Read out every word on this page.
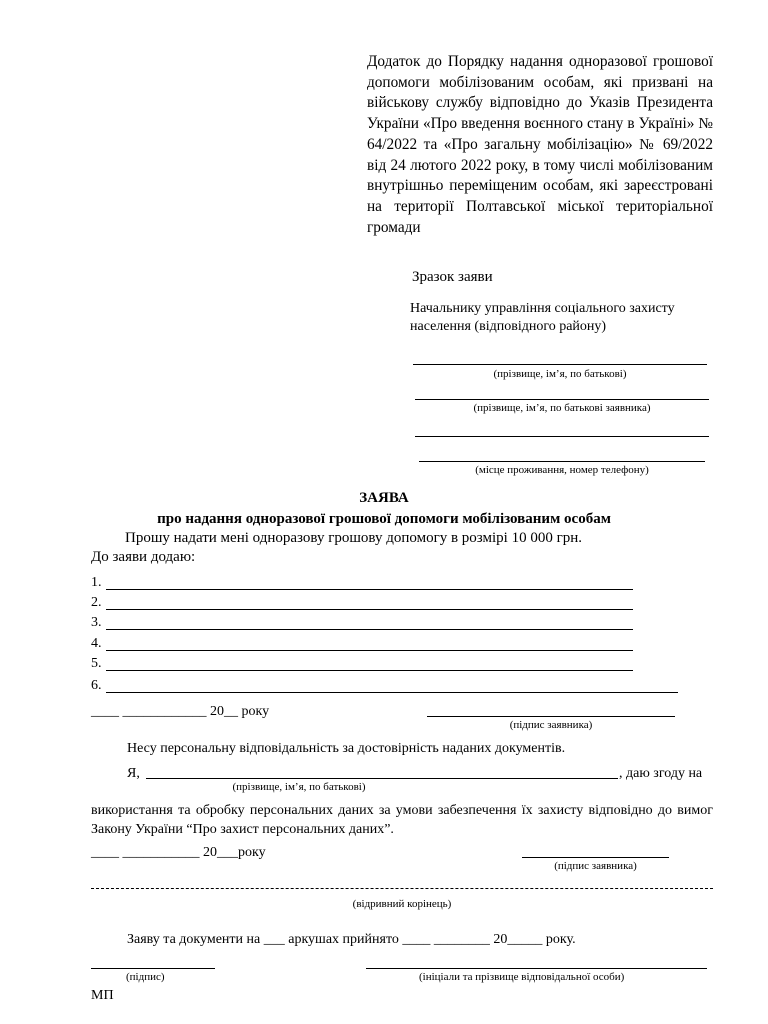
Додаток до Порядку надання одноразової грошової допомоги мобілізованим особам, які призвані на військову службу відповідно до Указів Президента України «Про введення воєнного стану в Україні» № 64/2022 та «Про загальну мобілізацію» № 69/2022 від 24 лютого 2022 року, в тому числі мобілізованим внутрішньо переміщеним особам, які зареєстровані на території Полтавської міської територіальної громади

Зразок заяви
Начальнику управління соціального захисту
населення (відповідного району)
(прізвище, ім’я, по батькові)
(прізвище, ім’я, по батькові заявника)
(місце проживання, номер телефону)
ЗАЯВА
про надання одноразової грошової допомоги мобілізованим особам
Прошу надати мені одноразову грошову допомогу в розмірі 10 000 грн.
До заяви додаю:
1.
2.
3.
4.
5.
6.
____ ____________ 20__ року
(підпис заявника)
Несу персональну відповідальність за достовірність наданих документів.
Я,	, даю згоду на
(прізвище, ім’я, по батькові)

використання та обробку персональних даних за умови забезпечення їх захисту відповідно до вимог Закону України “Про захист персональних даних”.

____ ___________ 20___року
(підпис заявника)
(відривний корінець)
Заяву та документи на ___ аркушах прийнято ____ ________ 20_____ року.
(підпис)	(ініціали та прізвище відповідальної особи)
МП
